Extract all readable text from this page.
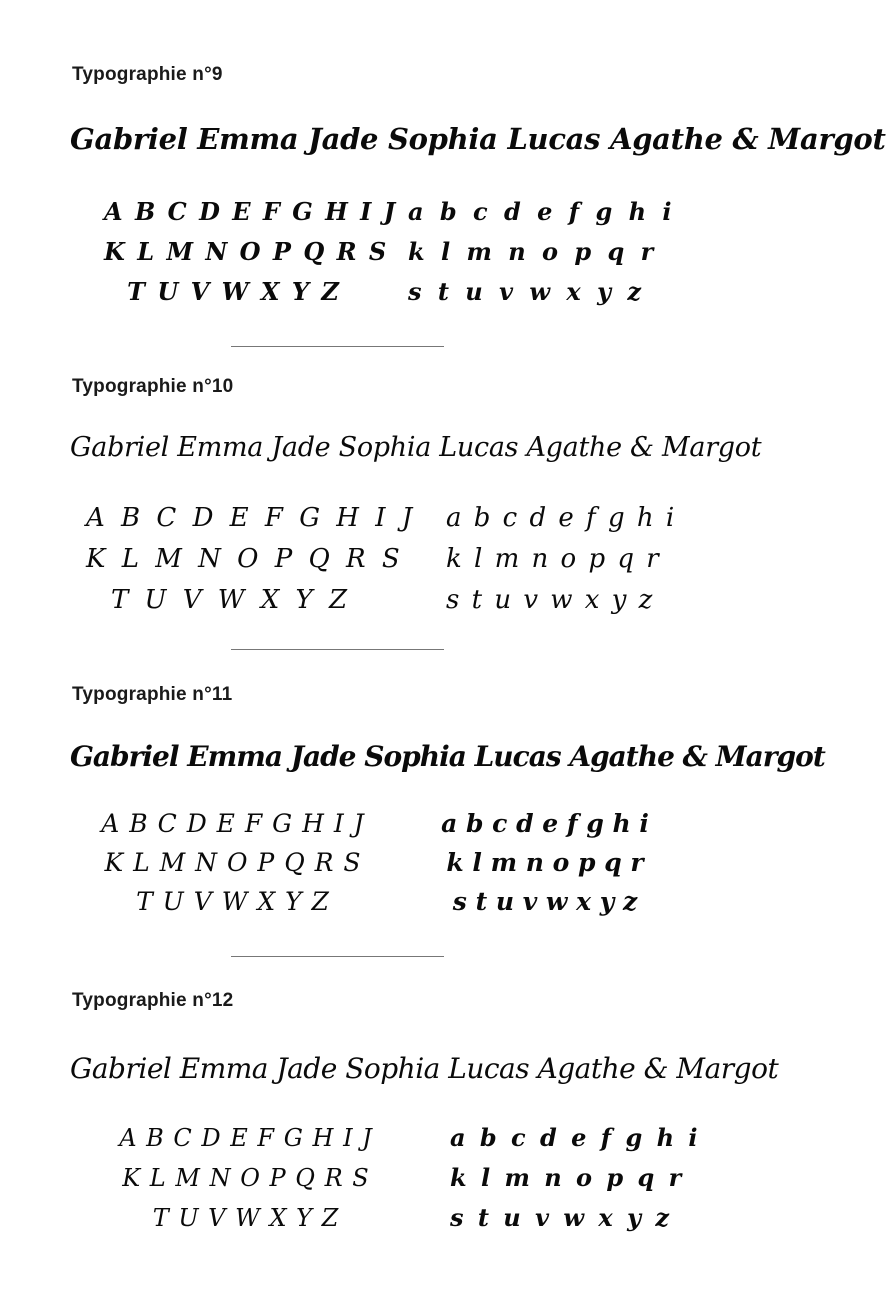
Typographie n°9
Gabriel Emma Jade Sophia Lucas Agathe & Margot
A B C D E F G H I J
K L M N O P Q R S
T U V W X Y Z
a b c d e f g h i
k l m n o p q r
s t u v w x y z
Typographie n°10
Gabriel Emma Jade Sophia Lucas Agathe & Margot
A B C D E F G H I J
K L M N O P Q R S
T U V W X Y Z
a b c d e f g h i
k l m n o p q r
s t u v w x y z
Typographie n°11
Gabriel Emma Jade Sophia Lucas Agathe & Margot
A B C D E F G H I J
K L M N O P Q R S
T U V W X Y Z
a b c d e f g h i
k l m n o p q r
s t u v w x y z
Typographie n°12
Gabriel Emma Jade Sophia Lucas Agathe & Margot
A B C D E F G H I J
K L M N O P Q R S
T U V W X Y Z
a b c d e f g h i
k l m n o p q r
s t u v w x y z
